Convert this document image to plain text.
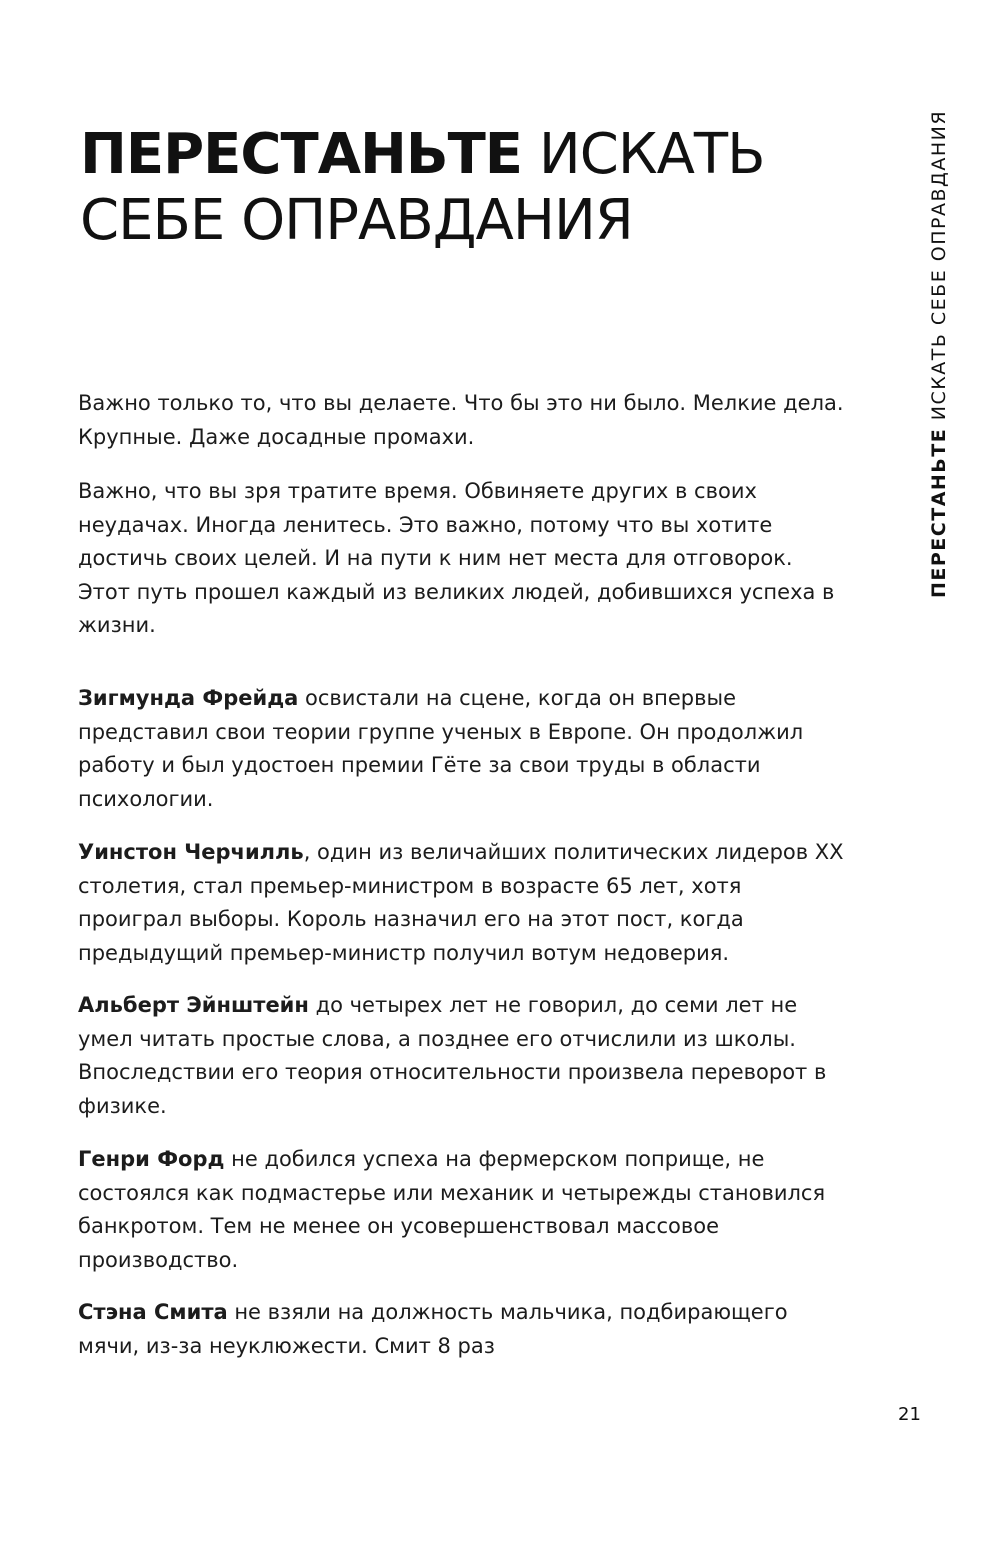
ПЕРЕСТАНЬТЕ ИСКАТЬ
СЕБЕ ОПРАВДАНИЯ
ПЕРЕСТАНЬТЕ ИСКАТЬ СЕБЕ ОПРАВДАНИЯ

Важно только то, что вы делаете. Что бы это ни было. Мелкие дела. Крупные. Даже досадные промахи.

Важно, что вы зря тратите время. Обвиняете других в своих неудачах. Иногда ленитесь. Это важно, потому что вы хотите достичь своих целей. И на пути к ним нет места для отговорок. Этот путь прошел каждый из великих людей, добившихся успеха в жизни.

Зигмунда Фрейда освистали на сцене, когда он впервые представил свои теории группе ученых в Европе. Он продолжил работу и был удостоен премии Гёте за свои труды в области психологии.

Уинстон Черчилль, один из величайших политических лидеров XX столетия, стал премьер-министром в возрасте 65 лет, хотя проиграл выборы. Король назначил его на этот пост, когда предыдущий премьер-министр получил вотум недоверия.

Альберт Эйнштейн до четырех лет не говорил, до семи лет не умел читать простые слова, а позднее его отчислили из школы. Впоследствии его теория относительности произвела переворот в физике.

Генри Форд не добился успеха на фермерском поприще, не состоялся как подмастерье или механик и четырежды становился банкротом. Тем не менее он усовершенствовал массовое производство.

Стэна Смита не взяли на должность мальчика, подбирающего мячи, из-за неуклюжести. Смит 8 раз

21
